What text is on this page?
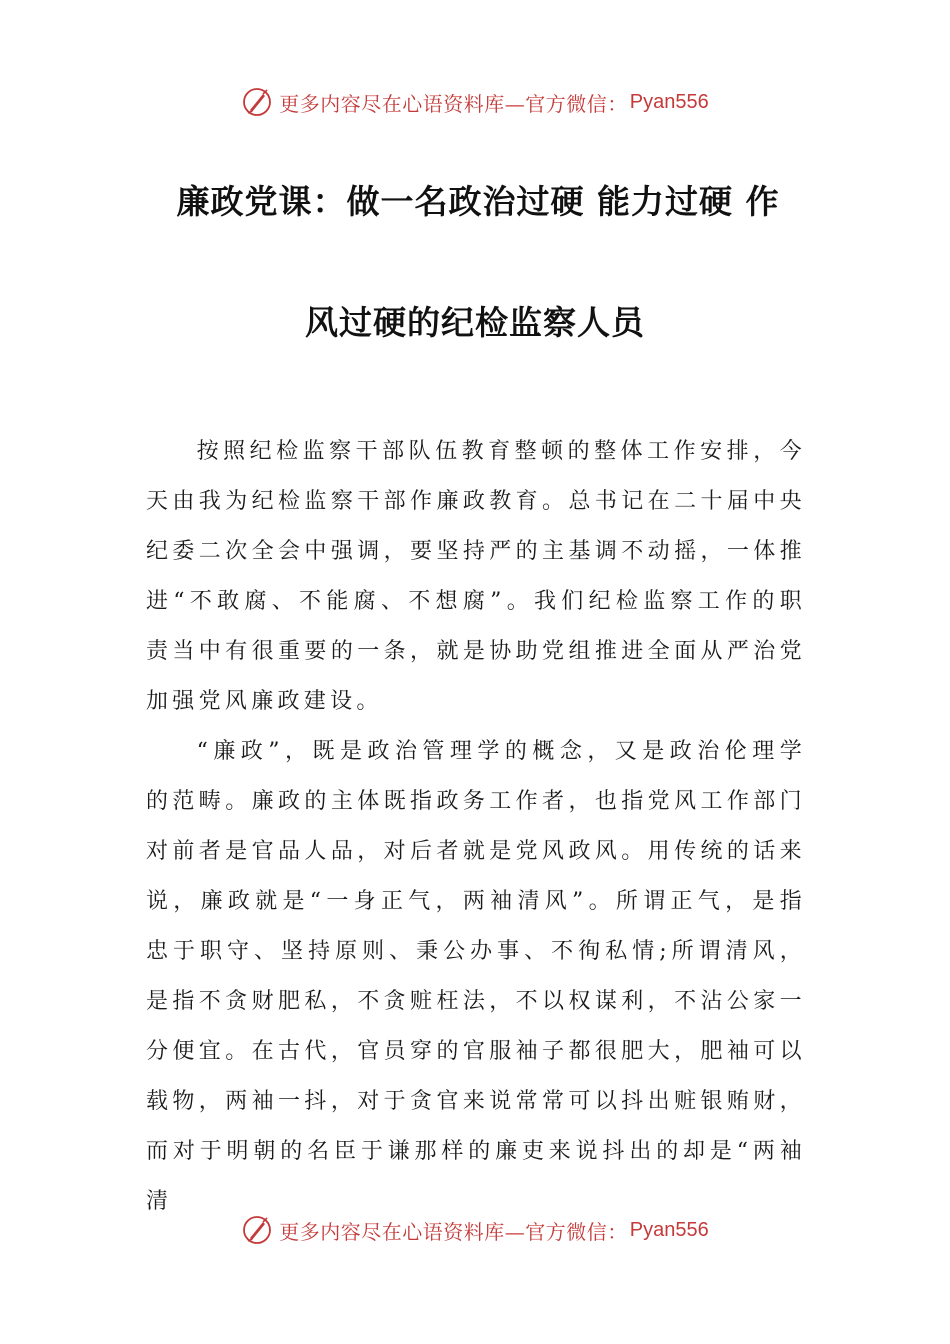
更多内容尽在心语资料库—官方微信： Pyan556
廉政党课：做一名政治过硬 能力过硬 作
风过硬的纪检监察人员

按照纪检监察干部队伍教育整顿的整体工作安排，今天由我为纪检监察干部作廉政教育。总书记在二十届中央纪委二次全会中强调，要坚持严的主基调不动摇，一体推进“不敢腐、不能腐、不想腐”。我们纪检监察工作的职责当中有很重要的一条，就是协助党组推进全面从严治党加强党风廉政建设。

“廉政”，既是政治管理学的概念，又是政治伦理学的范畴。廉政的主体既指政务工作者，也指党风工作部门对前者是官品人品，对后者就是党风政风。用传统的话来说，廉政就是“一身正气，两袖清风”。所谓正气，是指忠于职守、坚持原则、秉公办事、不徇私情;所谓清风，是指不贪财肥私，不贪赃枉法，不以权谋利，不沾公家一分便宜。在古代，官员穿的官服袖子都很肥大，肥袖可以载物，两袖一抖，对于贪官来说常常可以抖出赃银贿财，而对于明朝的名臣于谦那样的廉吏来说抖出的却是“两袖清

更多内容尽在心语资料库—官方微信： Pyan556
